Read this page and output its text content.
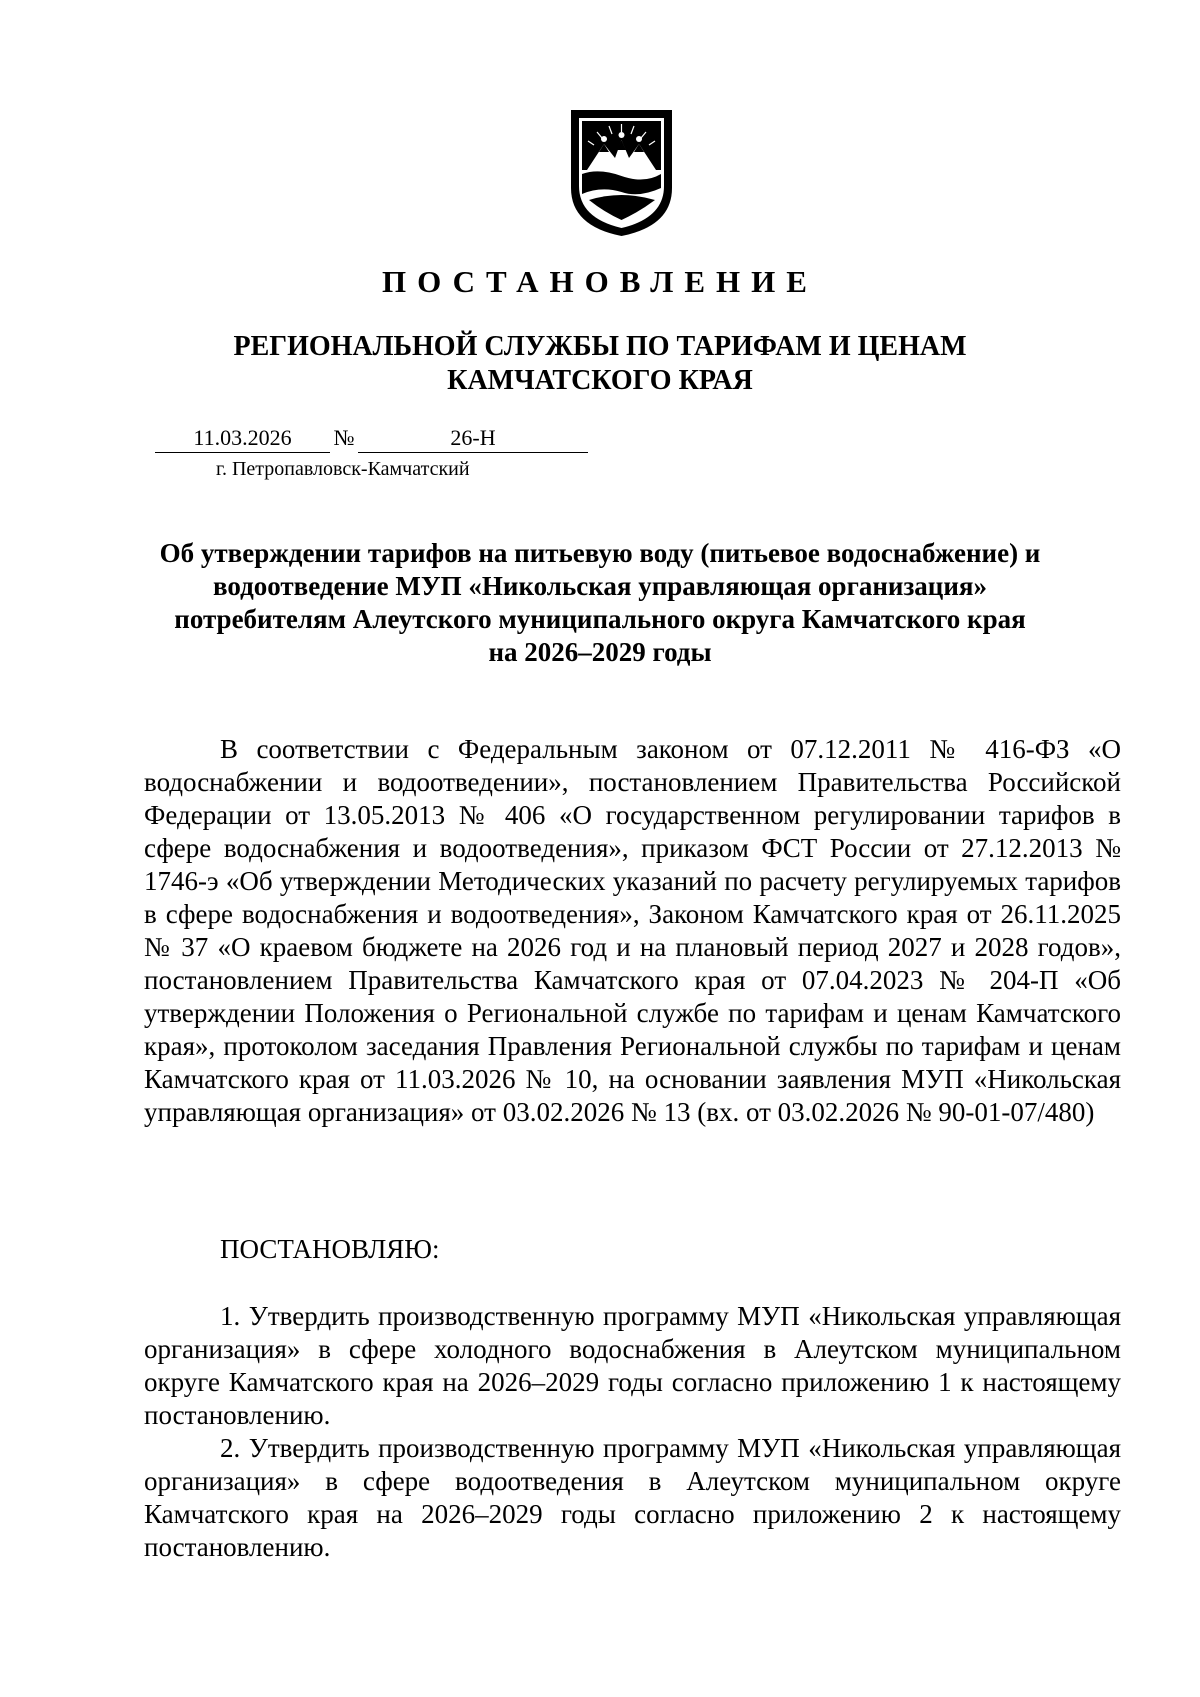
ПОСТАНОВЛЕНИЕ
РЕГИОНАЛЬНОЙ СЛУЖБЫ ПО ТАРИФАМ И ЦЕНАМ
КАМЧАТСКОГО КРАЯ
11.03.2026	№	26-Н
г. Петропавловск-Камчатский
Об утверждении тарифов на питьевую воду (питьевое водоснабжение) и
водоотведение МУП «Никольская управляющая организация»
потребителям Алеутского муниципального округа Камчатского края
на 2026–2029 годы

В соответствии с Федеральным законом от 07.12.2011 № 416-ФЗ «О водоснабжении и водоотведении», постановлением Правительства Российской Федерации от 13.05.2013 № 406 «О государственном регулировании тарифов в сфере водоснабжения и водоотведения», приказом ФСТ России от 27.12.2013 № 1746-э «Об утверждении Методических указаний по расчету регулируемых тарифов в сфере водоснабжения и водоотведения», Законом Камчатского края от 26.11.2025 № 37 «О краевом бюджете на 2026 год и на плановый период 2027 и 2028 годов», постановлением Правительства Камчатского края от 07.04.2023 № 204-П «Об утверждении Положения о Региональной службе по тарифам и ценам Камчатского края», протоколом заседания Правления Региональной службы по тарифам и ценам Камчатского края от 11.03.2026 № 10, на основании заявления МУП «Никольская управляющая организация» от 03.02.2026 № 13 (вх. от 03.02.2026 № 90-01-07/480)

ПОСТАНОВЛЯЮ:

1. Утвердить производственную программу МУП «Никольская управляющая организация» в сфере холодного водоснабжения в Алеутском муниципальном округе Камчатского края на 2026–2029 годы согласно приложению 1 к настоящему постановлению.

2. Утвердить производственную программу МУП «Никольская управляющая организация» в сфере водоотведения в Алеутском муниципальном округе Камчатского края на 2026–2029 годы согласно приложению 2 к настоящему постановлению.
